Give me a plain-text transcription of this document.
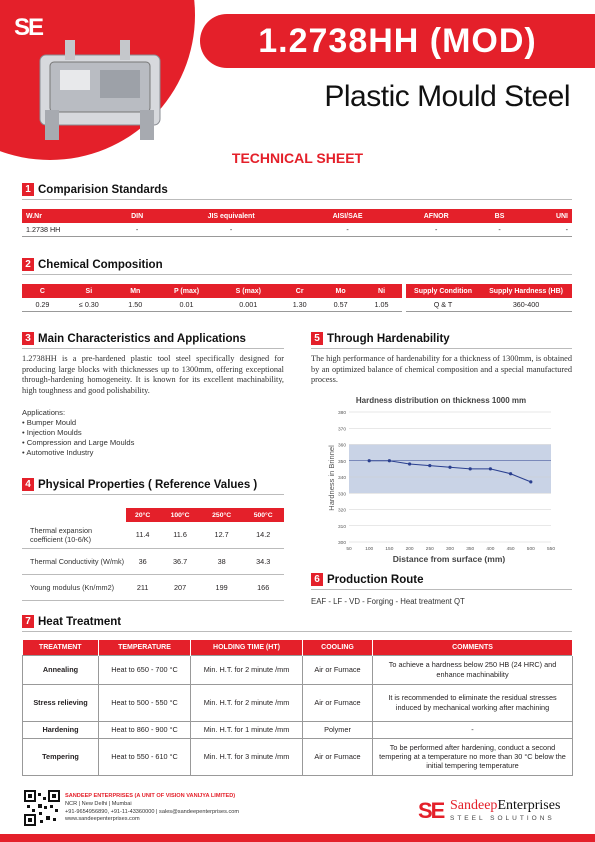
SE	1.2738HH (MOD)
Plastic Mould Steel
TECHNICAL SHEET
1 Comparision Standards
W.Nr	DIN	JIS equivalent	AISI/SAE	AFNOR	BS	UNI
1.2738 HH	-	-	-	-	-	-
2 Chemical Composition
C	Si	Mn	P (max)	S (max)	Cr	Mo	Ni
0.29	≤ 0.30	1.50	0.01	0.001	1.30	0.57	1.05
Supply Condition	Supply Hardness (HB)
Q & T	360-400
3 Main Characteristics and Applications
1.2738HH is a pre-hardened plastic tool steel specifically designed for producing large blocks with thicknesses up to 1300mm, offering exceptional through-hardening homogeneity. It is known for its excellent machinability, high toughness and good polishability.
Applications:
• Bumper Mould
• Injection Moulds
• Compression and Large Moulds
• Automotive Industry
4 Physical Properties ( Reference Values )
	20°C	100°C	250°C	500°C
Thermal expansion coefficient (10-6/K)	11.4	11.6	12.7	14.2
Thermal Conductivity (W/mk)	36	36.7	38	34.3
Young modulus (Kn/mm2)	211	207	199	166
5 Through Hardenability
The high performance of hardenability for a thickness of 1300mm, is obtained by an optimized balance of chemical composition and a special manufactured process.
Hardness distribution on thickness 1000 mm
300
310
320
330
340
350
360
370
380
50	100	150	200	250	300	350	400	450	500	550
Distance from surface (mm)
Hardness in Brinnel
6 Production Route
EAF - LF - VD - Forging - Heat treatment QT
7 Heat Treatment
TREATMENT	TEMPERATURE	HOLDING TIME (HT)	COOLING	COMMENTS
Annealing	Heat to 650 - 700 °C	Min. H.T. for 2 minute /mm	Air or Furnace	To achieve a hardness below 250 HB (24 HRC) and enhance machinability
Stress relieving	Heat to 500 - 550 °C	Min. H.T. for 2 minute /mm	Air or Furnace	It is recommended to eliminate the residual stresses induced by mechanical working after machining
Hardening	Heat to 860 - 900 °C	Min. H.T. for 1 minute /mm	Polymer	-
Tempering	Heat to 550 - 610 °C	Min. H.T. for 3 minute /mm	Air or Furnace	To be performed after hardening, conduct a second tempering at a temperature no more than 30 °C below the initial tempering temperature
SANDEEP ENTERPRISES (A UNIT OF VISION VANIJYA LIMITED)
NCR | New Delhi | Mumbai
+91-9654956890, +91-11-43360000 | sales@sandeepenterprises.com
www.sandeepenterprises.com	SE SandeepEnterprises
STEEL SOLUTIONS
